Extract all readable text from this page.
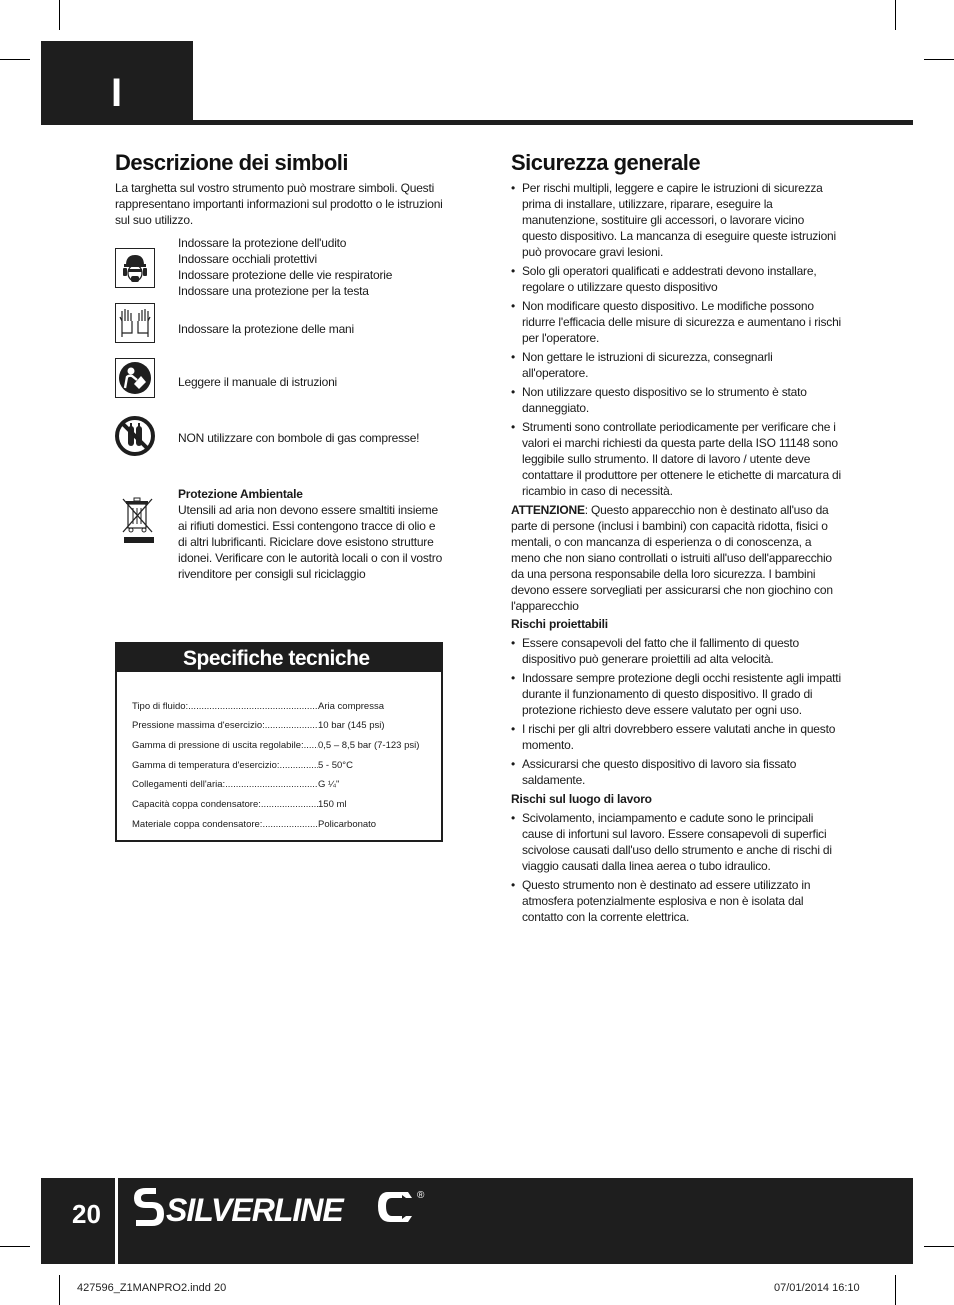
I
Descrizione dei simboli

La targhetta sul vostro strumento può mostrare simboli. Questi rappresentano importanti informazioni sul prodotto o le istruzioni sul suo utilizzo.

Indossare la protezione dell'udito
Indossare occhiali protettivi
Indossare protezione delle vie respiratorie
Indossare una protezione per la testa
Indossare la protezione delle mani
Leggere il manuale di istruzioni
NON utilizzare con bombole di gas compresse!
Protezione Ambientale
Utensili ad aria non devono essere smaltiti insieme ai rifiuti domestici. Essi contengono tracce di olio e di altri lubrificanti. Riciclare dove esistono strutture idonei. Verificare con le autorità locali o con il vostro rivenditore per consigli sul riciclaggio
Specifiche tecniche
Tipo di fluido: .....	Aria compressa
Pressione massima d'esercizio: .....	10 bar (145 psi)
Gamma di pressione di uscita regolabile: ..... 0,5 – 8,5 bar (7-123 psi)
Gamma di temperatura d'esercizio: .....	5 - 50°C
Collegamenti dell'aria: .....	G ¼"
Capacità coppa condensatore: .....	150 ml
Materiale coppa condensatore: .....	Policarbonato
Sicurezza generale
• Per rischi multipli, leggere e capire le istruzioni di sicurezza prima di installare, utilizzare, riparare, eseguire la manutenzione, sostituire gli accessori, o lavorare vicino questo dispositivo. La mancanza di eseguire queste istruzioni può provocare gravi lesioni.
• Solo gli operatori qualificati e addestrati devono installare, regolare o utilizzare questo dispositivo
• Non modificare questo dispositivo. Le modifiche possono ridurre l'efficacia delle misure di sicurezza e aumentano i rischi per l'operatore.
• Non gettare le istruzioni di sicurezza, consegnarli all'operatore.
• Non utilizzare questo dispositivo se lo strumento è stato danneggiato.
• Strumenti sono controllate periodicamente per verificare che i valori ei marchi richiesti da questa parte della ISO 11148 sono leggibile sullo strumento. Il datore di lavoro / utente deve contattare il produttore per ottenere le etichette di marcatura di ricambio in caso di necessità.
ATTENZIONE: Questo apparecchio non è destinato all'uso da parte di persone (inclusi i bambini) con capacità ridotta, fisici o mentali, o con mancanza di esperienza o di conoscenza, a meno che non siano controllati o istruiti all'uso dell'apparecchio da una persona responsabile della loro sicurezza. I bambini devono essere sorvegliati per assicurarsi che non giochino con l'apparecchio
Rischi proiettabili
• Essere consapevoli del fatto che il fallimento di questo dispositivo può generare proiettili ad alta velocità.
• Indossare sempre protezione degli occhi resistente agli impatti durante il funzionamento di questo dispositivo. Il grado di protezione richiesto deve essere valutato per ogni uso.
• I rischi per gli altri dovrebbero essere valutati anche in questo momento.
• Assicurarsi che questo dispositivo di lavoro sia fissato saldamente.
Rischi sul luogo di lavoro
• Scivolamento, inciampamento e cadute sono le principali cause di infortuni sul lavoro. Essere consapevoli di superfici scivolose causati dall'uso dello strumento e anche di rischi di viaggio causati dalla linea aerea o tubo idraulico.
• Questo strumento non è destinato ad essere utilizzato in atmosfera potenzialmente esplosiva e non è isolata dal contatto con la corrente elettrica.
20 SILVERLINE	®
427596_Z1MANPRO2.indd 20	07/01/2014 16:10
